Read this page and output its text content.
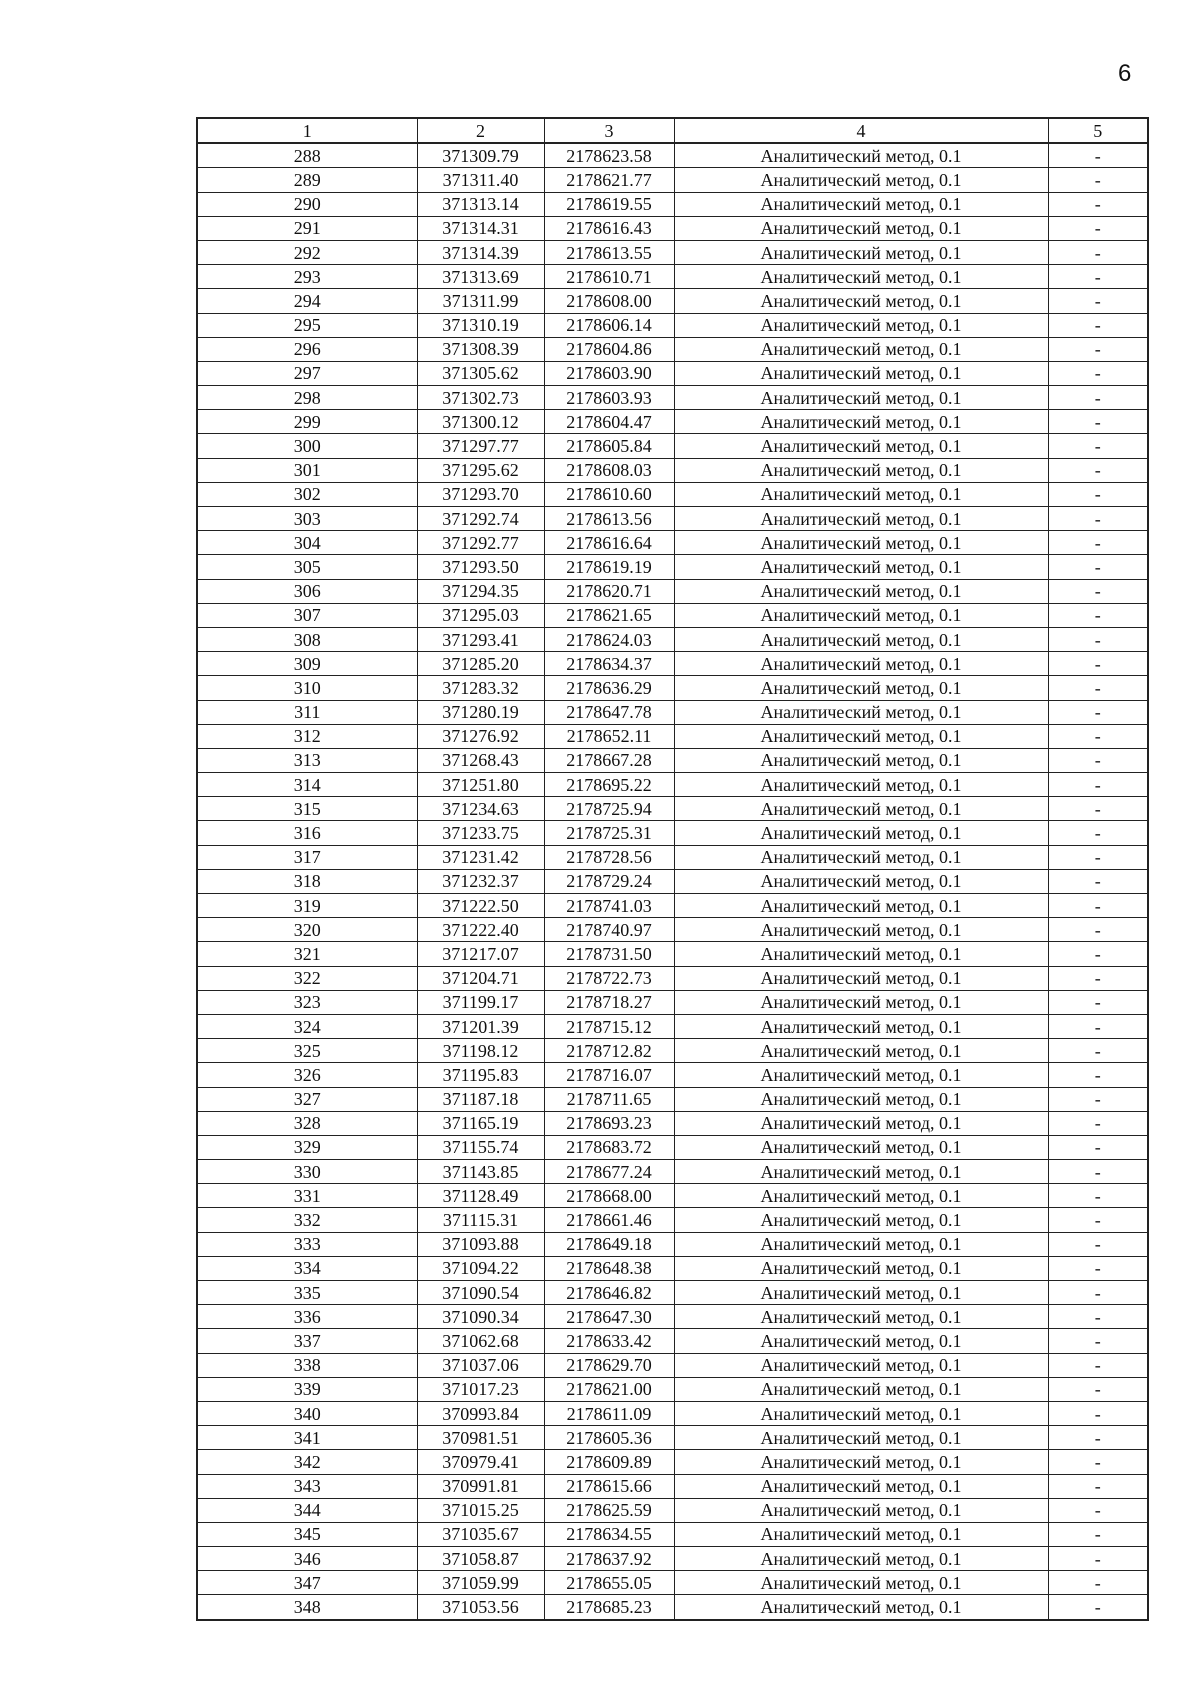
6
1	2	3	4	5
288	371309.79	2178623.58	Аналитический метод, 0.1	-
289	371311.40	2178621.77	Аналитический метод, 0.1	-
290	371313.14	2178619.55	Аналитический метод, 0.1	-
291	371314.31	2178616.43	Аналитический метод, 0.1	-
292	371314.39	2178613.55	Аналитический метод, 0.1	-
293	371313.69	2178610.71	Аналитический метод, 0.1	-
294	371311.99	2178608.00	Аналитический метод, 0.1	-
295	371310.19	2178606.14	Аналитический метод, 0.1	-
296	371308.39	2178604.86	Аналитический метод, 0.1	-
297	371305.62	2178603.90	Аналитический метод, 0.1	-
298	371302.73	2178603.93	Аналитический метод, 0.1	-
299	371300.12	2178604.47	Аналитический метод, 0.1	-
300	371297.77	2178605.84	Аналитический метод, 0.1	-
301	371295.62	2178608.03	Аналитический метод, 0.1	-
302	371293.70	2178610.60	Аналитический метод, 0.1	-
303	371292.74	2178613.56	Аналитический метод, 0.1	-
304	371292.77	2178616.64	Аналитический метод, 0.1	-
305	371293.50	2178619.19	Аналитический метод, 0.1	-
306	371294.35	2178620.71	Аналитический метод, 0.1	-
307	371295.03	2178621.65	Аналитический метод, 0.1	-
308	371293.41	2178624.03	Аналитический метод, 0.1	-
309	371285.20	2178634.37	Аналитический метод, 0.1	-
310	371283.32	2178636.29	Аналитический метод, 0.1	-
311	371280.19	2178647.78	Аналитический метод, 0.1	-
312	371276.92	2178652.11	Аналитический метод, 0.1	-
313	371268.43	2178667.28	Аналитический метод, 0.1	-
314	371251.80	2178695.22	Аналитический метод, 0.1	-
315	371234.63	2178725.94	Аналитический метод, 0.1	-
316	371233.75	2178725.31	Аналитический метод, 0.1	-
317	371231.42	2178728.56	Аналитический метод, 0.1	-
318	371232.37	2178729.24	Аналитический метод, 0.1	-
319	371222.50	2178741.03	Аналитический метод, 0.1	-
320	371222.40	2178740.97	Аналитический метод, 0.1	-
321	371217.07	2178731.50	Аналитический метод, 0.1	-
322	371204.71	2178722.73	Аналитический метод, 0.1	-
323	371199.17	2178718.27	Аналитический метод, 0.1	-
324	371201.39	2178715.12	Аналитический метод, 0.1	-
325	371198.12	2178712.82	Аналитический метод, 0.1	-
326	371195.83	2178716.07	Аналитический метод, 0.1	-
327	371187.18	2178711.65	Аналитический метод, 0.1	-
328	371165.19	2178693.23	Аналитический метод, 0.1	-
329	371155.74	2178683.72	Аналитический метод, 0.1	-
330	371143.85	2178677.24	Аналитический метод, 0.1	-
331	371128.49	2178668.00	Аналитический метод, 0.1	-
332	371115.31	2178661.46	Аналитический метод, 0.1	-
333	371093.88	2178649.18	Аналитический метод, 0.1	-
334	371094.22	2178648.38	Аналитический метод, 0.1	-
335	371090.54	2178646.82	Аналитический метод, 0.1	-
336	371090.34	2178647.30	Аналитический метод, 0.1	-
337	371062.68	2178633.42	Аналитический метод, 0.1	-
338	371037.06	2178629.70	Аналитический метод, 0.1	-
339	371017.23	2178621.00	Аналитический метод, 0.1	-
340	370993.84	2178611.09	Аналитический метод, 0.1	-
341	370981.51	2178605.36	Аналитический метод, 0.1	-
342	370979.41	2178609.89	Аналитический метод, 0.1	-
343	370991.81	2178615.66	Аналитический метод, 0.1	-
344	371015.25	2178625.59	Аналитический метод, 0.1	-
345	371035.67	2178634.55	Аналитический метод, 0.1	-
346	371058.87	2178637.92	Аналитический метод, 0.1	-
347	371059.99	2178655.05	Аналитический метод, 0.1	-
348	371053.56	2178685.23	Аналитический метод, 0.1	-
